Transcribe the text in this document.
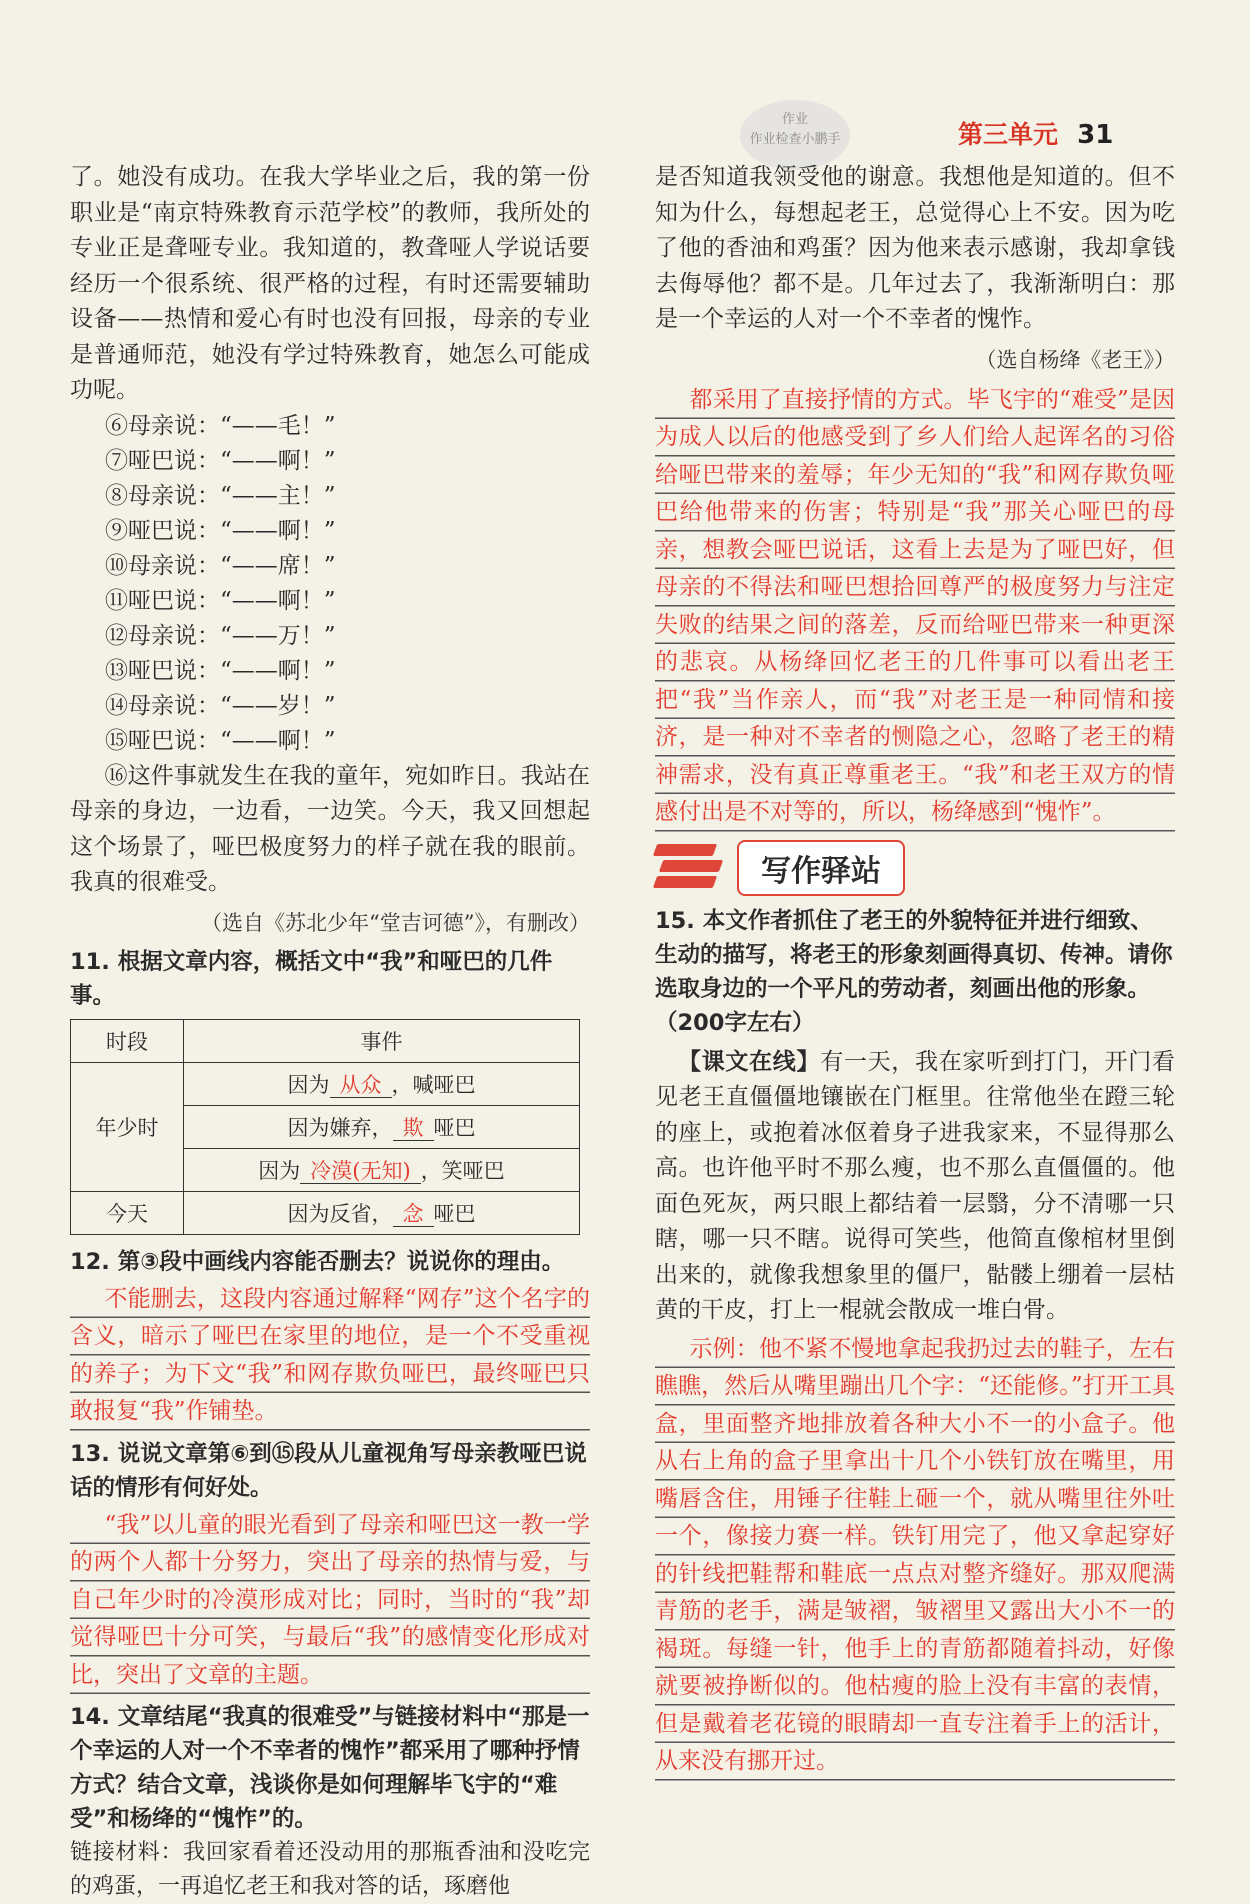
作业
作业检查小鹏手	第三单元 31

了。她没有成功。在我大学毕业之后，我的第一份职业是“南京特殊教育示范学校”的教师，我所处的专业正是聋哑专业。我知道的，教聋哑人学说话要经历一个很系统、很严格的过程，有时还需要辅助设备——热情和爱心有时也没有回报，母亲的专业是普通师范，她没有学过特殊教育，她怎么可能成功呢。

⑥母亲说：“——毛！”
⑦哑巴说：“——啊！”
⑧母亲说：“——主！”
⑨哑巴说：“——啊！”
⑩母亲说：“——席！”
⑪哑巴说：“——啊！”
⑫母亲说：“——万！”
⑬哑巴说：“——啊！”
⑭母亲说：“——岁！”
⑮哑巴说：“——啊！”

⑯这件事就发生在我的童年，宛如昨日。我站在母亲的身边，一边看，一边笑。今天，我又回想起这个场景了，哑巴极度努力的样子就在我的眼前。我真的很难受。

（选自《苏北少年“堂吉诃德”》，有删改）

11. 根据文章内容，概括文中“我”和哑巴的几件事。

时段	事件
年少时	因为 从众 ，喊哑巴
	因为嫌弃， 欺 哑巴
	因为 冷漠(无知) ，笑哑巴
今天	因为反省， 念 哑巴

12. 第③段中画线内容能否删去？说说你的理由。

不能删去，这段内容通过解释“网存”这个名字的含义，暗示了哑巴在家里的地位，是一个不受重视的养子；为下文“我”和网存欺负哑巴，最终哑巴只敢报复“我”作铺垫。

13. 说说文章第⑥到⑮段从儿童视角写母亲教哑巴说话的情形有何好处。

“我”以儿童的眼光看到了母亲和哑巴这一教一学的两个人都十分努力，突出了母亲的热情与爱，与自己年少时的冷漠形成对比；同时，当时的“我”却觉得哑巴十分可笑，与最后“我”的感情变化形成对比，突出了文章的主题。

14. 文章结尾“我真的很难受”与链接材料中“那是一个幸运的人对一个不幸者的愧怍”都采用了哪种抒情方式？结合文章，浅谈你是如何理解毕飞宇的“难受”和杨绛的“愧怍”的。

链接材料：我回家看着还没动用的那瓶香油和没吃完的鸡蛋，一再追忆老王和我对答的话，琢磨他

是否知道我领受他的谢意。我想他是知道的。但不知为什么，每想起老王，总觉得心上不安。因为吃了他的香油和鸡蛋？因为他来表示感谢，我却拿钱去侮辱他？都不是。几年过去了，我渐渐明白：那是一个幸运的人对一个不幸者的愧怍。

（选自杨绛《老王》）
都采用了直接抒情的方式。毕飞宇的“难受”是因为成人以后的他感受到了乡人们给人起诨名的习俗给哑巴带来的羞辱；年少无知的“我”和网存欺负哑巴给他带来的伤害；特别是“我”那关心哑巴的母亲，想教会哑巴说话，这看上去是为了哑巴好，但母亲的不得法和哑巴想拾回尊严的极度努力与注定失败的结果之间的落差，反而给哑巴带来一种更深的悲哀。从杨绛回忆老王的几件事可以看出老王把“我”当作亲人，而“我”对老王是一种同情和接济，是一种对不幸者的恻隐之心，忽略了老王的精神需求，没有真正尊重老王。“我”和老王双方的情感付出是不对等的，所以，杨绛感到“愧怍”。
写作驿站

15. 本文作者抓住了老王的外貌特征并进行细致、生动的描写，将老王的形象刻画得真切、传神。请你选取身边的一个平凡的劳动者，刻画出他的形象。（200字左右）

【课文在线】有一天，我在家听到打门，开门看见老王直僵僵地镶嵌在门框里。往常他坐在蹬三轮的座上，或抱着冰伛着身子进我家来，不显得那么高。也许他平时不那么瘦，也不那么直僵僵的。他面色死灰，两只眼上都结着一层翳，分不清哪一只瞎，哪一只不瞎。说得可笑些，他简直像棺材里倒出来的，就像我想象里的僵尸，骷髅上绷着一层枯黄的干皮，打上一棍就会散成一堆白骨。

示例：他不紧不慢地拿起我扔过去的鞋子，左右瞧瞧，然后从嘴里蹦出几个字：“还能修。”打开工具盒，里面整齐地排放着各种大小不一的小盒子。他从右上角的盒子里拿出十几个小铁钉放在嘴里，用嘴唇含住，用锤子往鞋上砸一个，就从嘴里往外吐一个，像接力赛一样。铁钉用完了，他又拿起穿好的针线把鞋帮和鞋底一点点对整齐缝好。那双爬满青筋的老手，满是皱褶，皱褶里又露出大小不一的褐斑。每缝一针，他手上的青筋都随着抖动，好像就要被挣断似的。他枯瘦的脸上没有丰富的表情，但是戴着老花镜的眼睛却一直专注着手上的活计，从来没有挪开过。
